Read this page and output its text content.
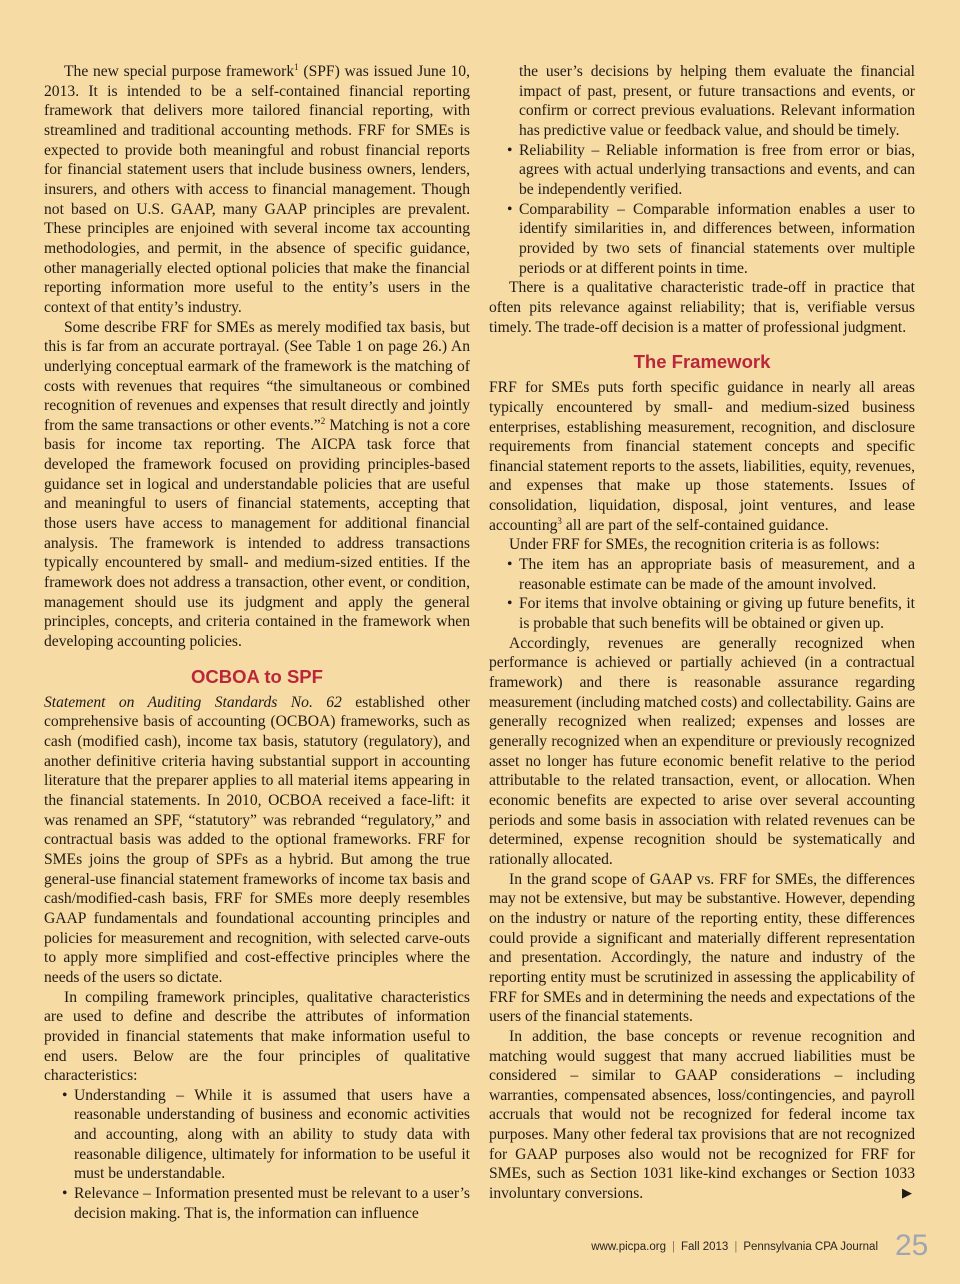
The new special purpose framework$^1$ (SPF) was issued June 10, 2013. It is intended to be a self-contained financial reporting framework that delivers more tailored financial reporting, with streamlined and traditional accounting methods. FRF for SMEs is expected to provide both meaningful and robust financial reports for financial statement users that include business owners, lenders, insurers, and others with access to financial management. Though not based on U.S. GAAP, many GAAP principles are prevalent. These principles are enjoined with several income tax accounting methodologies, and permit, in the absence of specific guidance, other managerially elected optional policies that make the financial reporting information more useful to the entity’s users in the context of that entity’s industry.

Some describe FRF for SMEs as merely modified tax basis, but this is far from an accurate portrayal. (See Table 1 on page 26.) An underlying conceptual earmark of the framework is the matching of costs with revenues that requires “the simultaneous or combined recognition of revenues and expenses that result directly and jointly from the same transactions or other events.”$^2$ Matching is not a core basis for income tax reporting. The AICPA task force that developed the framework focused on providing principles-based guidance set in logical and understandable policies that are useful and meaningful to users of financial statements, accepting that those users have access to management for additional financial analysis. The framework is intended to address transactions typically encountered by small- and medium-sized entities. If the framework does not address a transaction, other event, or condition, management should use its judgment and apply the general principles, concepts, and criteria contained in the framework when developing accounting policies.

OCBOA to SPF

Statement on Auditing Standards No. 62 established other comprehensive basis of accounting (OCBOA) frameworks, such as cash (modified cash), income tax basis, statutory (regulatory), and another definitive criteria having substantial support in accounting literature that the preparer applies to all material items appearing in the financial statements. In 2010, OCBOA received a face-lift: it was renamed an SPF, “statutory” was rebranded “regulatory,” and contractual basis was added to the optional frameworks. FRF for SMEs joins the group of SPFs as a hybrid. But among the true general-use financial statement frameworks of income tax basis and cash/modified-cash basis, FRF for SMEs more deeply resembles GAAP fundamentals and foundational accounting principles and policies for measurement and recognition, with selected carve-outs to apply more simplified and cost-effective principles where the needs of the users so dictate.

In compiling framework principles, qualitative characteristics are used to define and describe the attributes of information provided in financial statements that make information useful to end users. Below are the four principles of qualitative characteristics:

• Understanding – While it is assumed that users have a reasonable understanding of business and economic activities and accounting, along with an ability to study data with reasonable diligence, ultimately for information to be useful it must be understandable.
• Relevance – Information presented must be relevant to a user’s decision making. That is, the information can influence
the user’s decisions by helping them evaluate the financial impact of past, present, or future transactions and events, or confirm or correct previous evaluations. Relevant information has predictive value or feedback value, and should be timely.
• Reliability – Reliable information is free from error or bias, agrees with actual underlying transactions and events, and can be independently verified.
• Comparability – Comparable information enables a user to identify similarities in, and differences between, information provided by two sets of financial statements over multiple periods or at different points in time.

There is a qualitative characteristic trade-off in practice that often pits relevance against reliability; that is, verifiable versus timely. The trade-off decision is a matter of professional judgment.

The Framework

FRF for SMEs puts forth specific guidance in nearly all areas typically encountered by small- and medium-sized business enterprises, establishing measurement, recognition, and disclosure requirements from financial statement concepts and specific financial statement reports to the assets, liabilities, equity, revenues, and expenses that make up those statements. Issues of consolidation, liquidation, disposal, joint ventures, and lease accounting$^3$ all are part of the self-contained guidance.

Under FRF for SMEs, the recognition criteria is as follows:

• The item has an appropriate basis of measurement, and a reasonable estimate can be made of the amount involved.
• For items that involve obtaining or giving up future benefits, it is probable that such benefits will be obtained or given up.

Accordingly, revenues are generally recognized when performance is achieved or partially achieved (in a contractual framework) and there is reasonable assurance regarding measurement (including matched costs) and collectability. Gains are generally recognized when realized; expenses and losses are generally recognized when an expenditure or previously recognized asset no longer has future economic benefit relative to the period attributable to the related transaction, event, or allocation. When economic benefits are expected to arise over several accounting periods and some basis in association with related revenues can be determined, expense recognition should be systematically and rationally allocated.

In the grand scope of GAAP vs. FRF for SMEs, the differences may not be extensive, but may be substantive. However, depending on the industry or nature of the reporting entity, these differences could provide a significant and materially different representation and presentation. Accordingly, the nature and industry of the reporting entity must be scrutinized in assessing the applicability of FRF for SMEs and in determining the needs and expectations of the users of the financial statements.

In addition, the base concepts or revenue recognition and matching would suggest that many accrued liabilities must be considered – similar to GAAP considerations – including warranties, compensated absences, loss/contingencies, and payroll accruals that would not be recognized for federal income tax purposes. Many other federal tax provisions that are not recognized for GAAP purposes also would not be recognized for FRF for SMEs, such as Section 1031 like-kind exchanges or Section 1033 involuntary conversions.	▶
www.picpa.org | Fall 2013 | Pennsylvania CPA Journal 25
